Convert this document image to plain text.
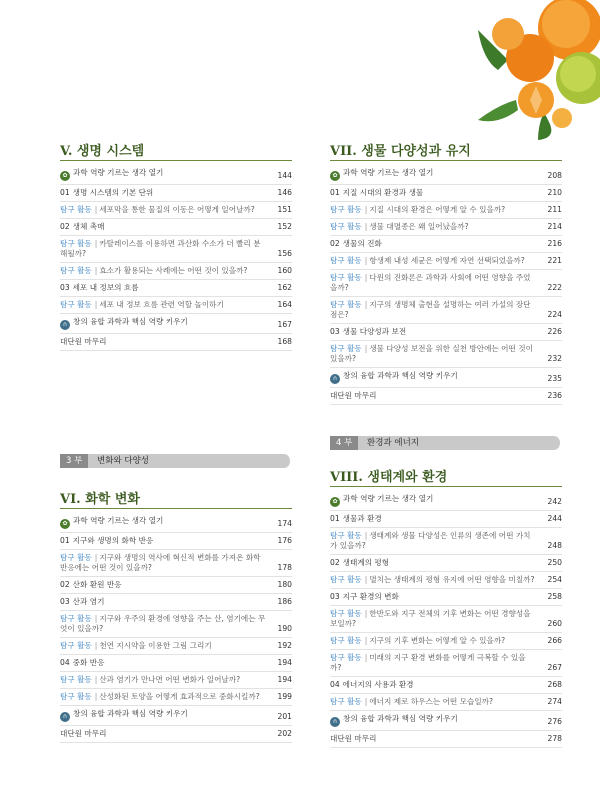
V. 생명 시스템
✿ 과학 역량 기르는 생각 열기	144
01 생명 시스템의 기본 단위	146
탐구 활동 | 세포막을 통한 물질의 이동은 어떻게 일어날까?	151
02 생체 촉매	152
탐구 활동 | 카탈레이스를 이용하면 과산화 수소가 더 빨리 분해될까?	156
탐구 활동 | 효소가 활용되는 사례에는 어떤 것이 있을까?	160
03 세포 내 정보의 흐름	162
탐구 활동 | 세포 내 정보 흐름 관련 역할 놀이하기	164
∩ 창의 융합 과학과 핵심 역량 키우기	167
대단원 마무리	168
3 부 변화와 다양성
VI. 화학 변화
✿ 과학 역량 기르는 생각 열기	174
01 지구와 생명의 화학 반응	176
탐구 활동 | 지구와 생명의 역사에 혁신적 변화를 가져온 화학 반응에는 어떤 것이 있을까?	178
02 산화 환원 반응	180
03 산과 염기	186
탐구 활동 | 지구와 우주의 환경에 영향을 주는 산, 염기에는 무엇이 있을까?	190
탐구 활동 | 천연 지시약을 이용한 그림 그리기	192
04 중화 반응	194
탐구 활동 | 산과 염기가 만나면 어떤 변화가 일어날까?	194
탐구 활동 | 산성화된 토양을 어떻게 효과적으로 중화시킬까?	199
∩ 창의 융합 과학과 핵심 역량 키우기	201
대단원 마무리	202
VII. 생물 다양성과 유지
✿ 과학 역량 기르는 생각 열기	208
01 지질 시대의 환경과 생물	210
탐구 활동 | 지질 시대의 환경은 어떻게 알 수 있을까?	211
탐구 활동 | 생물 대멸종은 왜 일어났을까?	214
02 생물의 진화	216
탐구 활동 | 항생제 내성 세균은 어떻게 자연 선택되었을까?	221
탐구 활동 | 다윈의 진화론은 과학과 사회에 어떤 영향을 주었을까?	222
탐구 활동 | 지구의 생명체 출현을 설명하는 여러 가설의 장단점은?	224
03 생물 다양성과 보전	226
탐구 활동 | 생물 다양성 보전을 위한 실천 방안에는 어떤 것이 있을까?	232
∩ 창의 융합 과학과 핵심 역량 키우기	235
대단원 마무리	236
4 부 환경과 에너지
VIII. 생태계와 환경
✿ 과학 역량 기르는 생각 열기	242
01 생물과 환경	244
탐구 활동 | 생태계와 생물 다양성은 인류의 생존에 어떤 가치가 있을까?	248
02 생태계의 평형	250
탐구 활동 | 멸치는 생태계의 평형 유지에 어떤 영향을 미칠까?	254
03 지구 환경의 변화	258
탐구 활동 | 한반도와 지구 전체의 기후 변화는 어떤 경향성을 보일까?	260
탐구 활동 | 지구의 기후 변화는 어떻게 알 수 있을까?	266
탐구 활동 | 미래의 지구 환경 변화를 어떻게 극복할 수 있을까?	267
04 에너지의 사용과 환경	268
탐구 활동 | 에너지 제로 하우스는 어떤 모습일까?	274
∩ 창의 융합 과학과 핵심 역량 키우기	276
대단원 마무리	278
